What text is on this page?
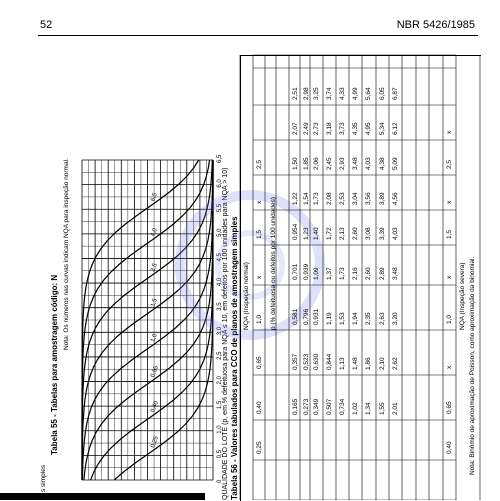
52	NBR 5426/1985
s simples
Tabela 55 - Tabelas para amostragem código: N
Nota: Os números nas curvas indicam NQA para inspeção normal.
0
0,5
1,0
1,5
2,0
2,5
3,0
3,5
4,0
4,5
5,0
5,5
6,0
6,5
0,25
0,40
0,65
1,0
1,5
2,5
4,0
6,5	QUALIDADE DO LOTE (p, em % defeituosa para NQA ≤ 10, em defeitos por 100 unidades para NQA > 10) Tabela 56 - Valores tabulados para CCO de planos de amostragem simples NQA (Inspeção normal)
0,25
0,40
0,65
1,0
x
1,5
x
2,5
p (% defeituosa ou defeitos por 100 unidades)
0,165
0,357
0,581
0,701
0,954
1,22
1,50
2,07
2,51
0,273
0,523
0,796
0,939
1,23
1,54
1,85
2,49
2,98
0,349
0,630
0,931
1,09
1,40
1,73
2,06
2,73
3,25
0,507
0,844
1,19
1,37
1,72
2,08
2,45
3,18
3,74
0,734
1,13
1,53
1,73
2,13
2,53
2,93
3,73
4,33
1,02
1,48
1,94
2,16
2,60
3,04
3,48
4,35
4,99
1,34
1,86
2,35
2,60
3,08
3,56
4,03
4,95
5,64
1,55
2,10
2,63
2,89
3,39
3,89
4,38
5,34
6,05
2,01
2,62
3,20
3,48
4,03
4,56
5,09
6,12
6,87
0,40
0,65
x
1,0
x
1,5
x
2,5
x
NQA (Inspeção severa) Nota: Binômio de aproximação de Poisson, como aproximação da binomial.
